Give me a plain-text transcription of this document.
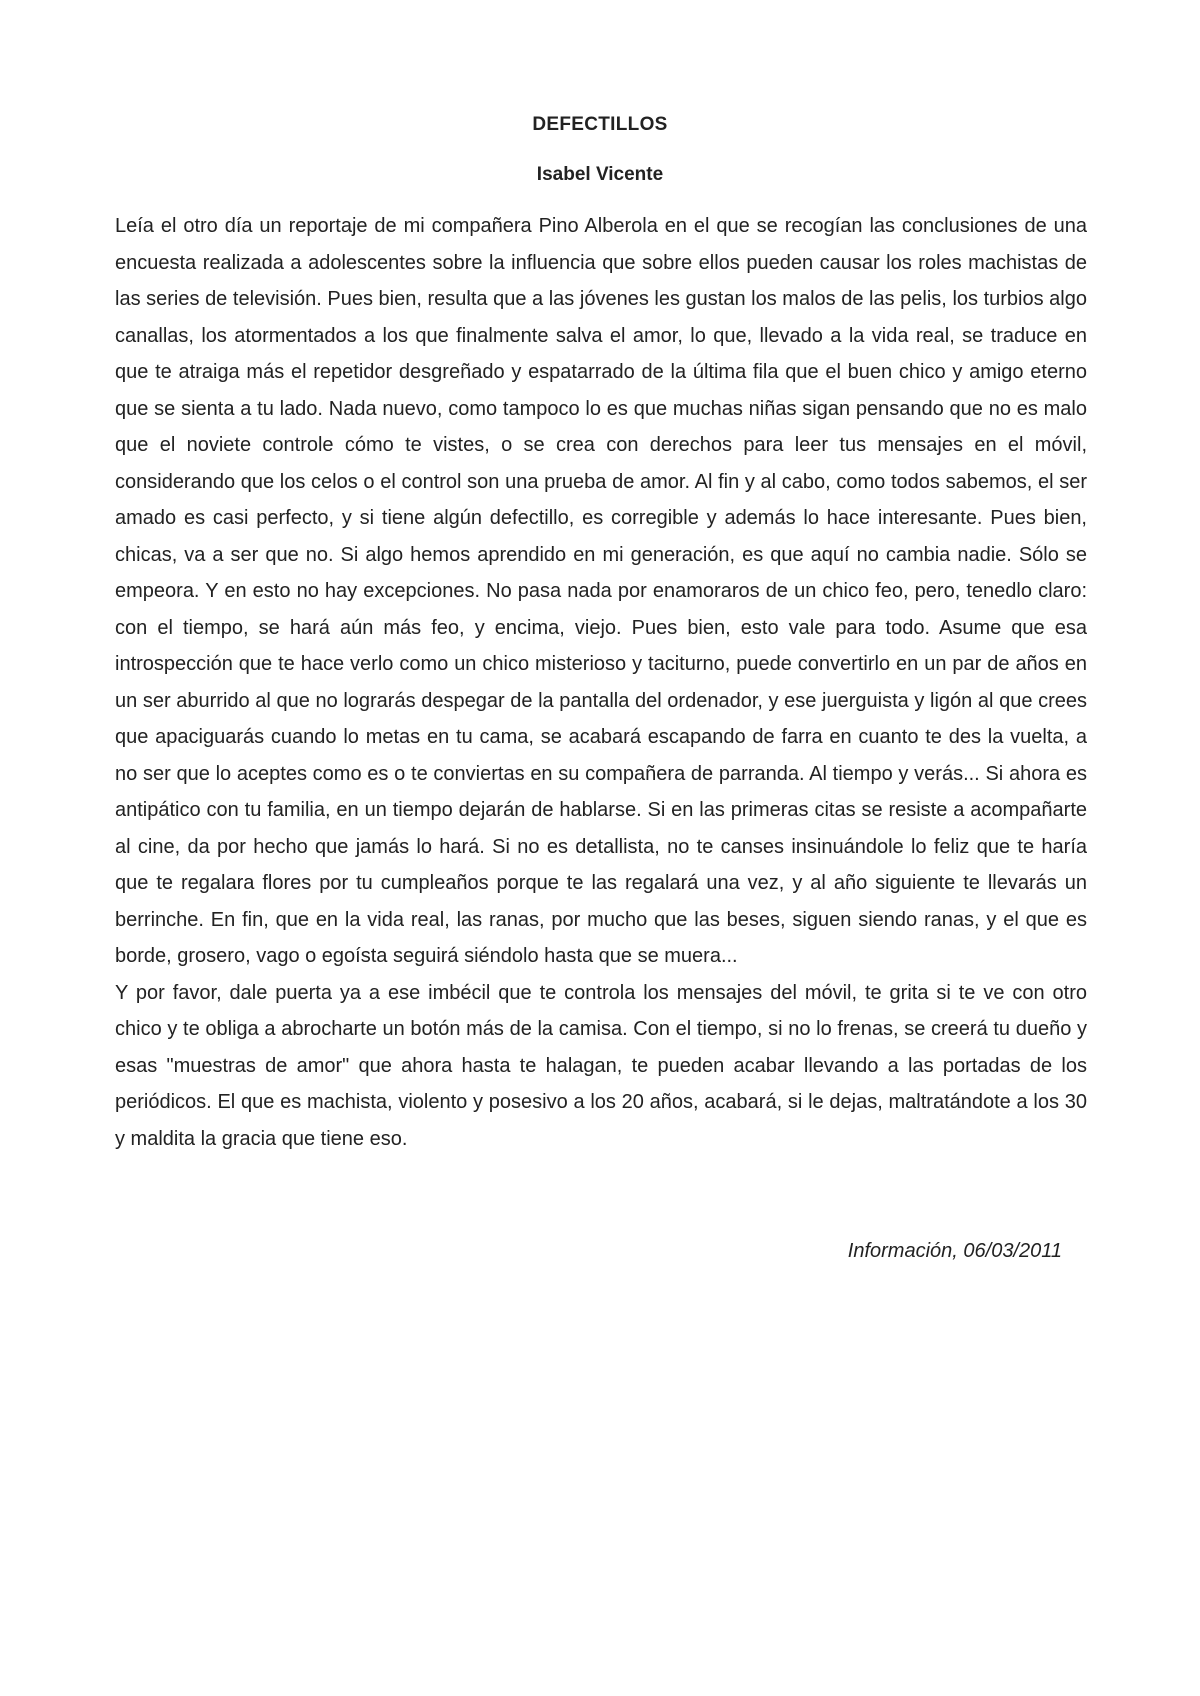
DEFECTILLOS
Isabel Vicente

Leía el otro día un reportaje de mi compañera Pino Alberola en el que se recogían las conclusiones de una encuesta realizada a adolescentes sobre la influencia que sobre ellos pueden causar los roles machistas de las series de televisión. Pues bien, resulta que a las jóvenes les gustan los malos de las pelis, los turbios algo canallas, los atormentados a los que finalmente salva el amor, lo que, llevado a la vida real, se traduce en que te atraiga más el repetidor desgreñado y espatarrado de la última fila que el buen chico y amigo eterno que se sienta a tu lado. Nada nuevo, como tampoco lo es que muchas niñas sigan pensando que no es malo que el noviete controle cómo te vistes, o se crea con derechos para leer tus mensajes en el móvil, considerando que los celos o el control son una prueba de amor. Al fin y al cabo, como todos sabemos, el ser amado es casi perfecto, y si tiene algún defectillo, es corregible y además lo hace interesante. Pues bien, chicas, va a ser que no. Si algo hemos aprendido en mi generación, es que aquí no cambia nadie. Sólo se empeora. Y en esto no hay excepciones. No pasa nada por enamoraros de un chico feo, pero, tenedlo claro: con el tiempo, se hará aún más feo, y encima, viejo. Pues bien, esto vale para todo. Asume que esa introspección que te hace verlo como un chico misterioso y taciturno, puede convertirlo en un par de años en un ser aburrido al que no lograrás despegar de la pantalla del ordenador, y ese juerguista y ligón al que crees que apaciguarás cuando lo metas en tu cama, se acabará escapando de farra en cuanto te des la vuelta, a no ser que lo aceptes como es o te conviertas en su compañera de parranda. Al tiempo y verás... Si ahora es antipático con tu familia, en un tiempo dejarán de hablarse. Si en las primeras citas se resiste a acompañarte al cine, da por hecho que jamás lo hará. Si no es detallista, no te canses insinuándole lo feliz que te haría que te regalara flores por tu cumpleaños porque te las regalará una vez, y al año siguiente te llevarás un berrinche. En fin, que en la vida real, las ranas, por mucho que las beses, siguen siendo ranas, y el que es borde, grosero, vago o egoísta seguirá siéndolo hasta que se muera...

Y por favor, dale puerta ya a ese imbécil que te controla los mensajes del móvil, te grita si te ve con otro chico y te obliga a abrocharte un botón más de la camisa. Con el tiempo, si no lo frenas, se creerá tu dueño y esas "muestras de amor" que ahora hasta te halagan, te pueden acabar llevando a las portadas de los periódicos. El que es machista, violento y posesivo a los 20 años, acabará, si le dejas, maltratándote a los 30 y maldita la gracia que tiene eso.

Información, 06/03/2011
